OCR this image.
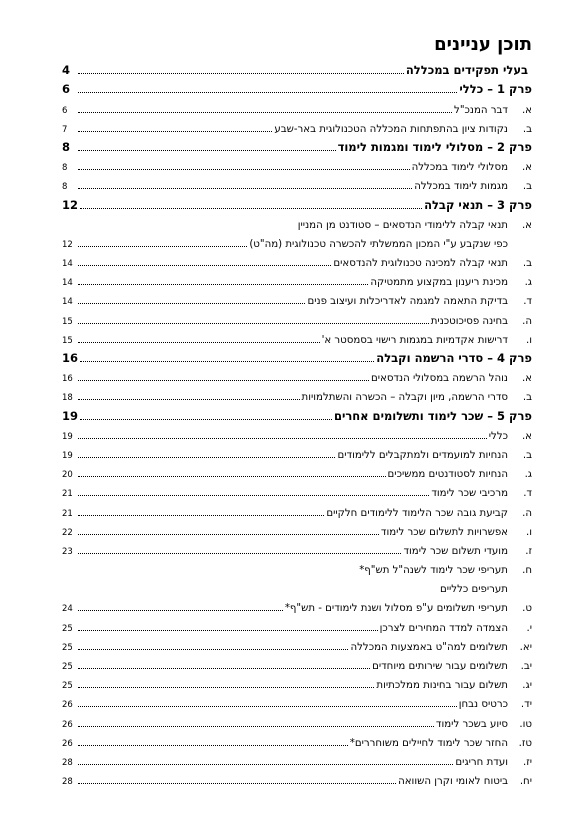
תוכן עניינים
בעלי תפקידים במכללה
4
פרק 1 –
כללי
6
א.
דבר המנכ"ל
6
ב.
נקודות ציון בהתפתחות המכללה הטכנולוגית באר-שבע
7
פרק 2 –
מסלולי לימוד ומגמות לימוד
8
א.
מסלולי לימוד במכללה
8
ב.
מגמות לימוד במכללה
8
פרק 3 –
תנאי קבלה
12
א.
תנאי קבלה ללימודי הנדסאים – סטודנט מן המניין
כפי שנקבע ע"י המכון הממשלתי להכשרה טכנולוגית (מה"ט)
12
ב.
תנאי קבלה למכינה טכנולוגית להנדסאים
14
ג.
מכינת ריענון במקצוע מתמטיקה
14
ד.
בדיקת התאמה למגמה לאדריכלות ועיצוב פנים
14
ה.
בחינה פסיכוטכנית
15
ו.
דרישות אקדמיות במגמות רישוי בסמסטר א'
15
פרק 4 –
סדרי הרשמה וקבלה
16
א.
נוהל הרשמה במסלולי הנדסאים
16
ב.
סדרי הרשמה, מיון וקבלה – הכשרה והשתלמויות
18
פרק 5 –
שכר לימוד ותשלומים אחרים
19
א.
כללי
19
ב.
הנחיות למועמדים ולמתקבלים ללימודים
19
ג.
הנחיות לסטודנטים ממשיכים
20
ד.
מרכיבי שכר לימוד
21
ה.
קביעת גובה שכר הלימוד ללימודים חלקיים
21
ו.
אפשרויות לתשלום שכר לימוד
22
ז.
מועדי תשלום שכר לימוד
23
ח.
תעריפי שכר לימוד לשנה"ל תש"ף*
תעריפים כלליים
ט.
תעריפי תשלומים ע"פ מסלול ושנת לימודים - תש"ף*
24
י.
הצמדה למדד המחירים לצרכן
25
יא.
תשלומים למה"ט באמצעות המכללה
25
יב.
תשלומים עבור שירותים מיוחדים
25
יג.
תשלום עבור בחינות ממלכתיות
25
יד.
כרטיס נבחן
26
טו.
סיוע בשכר לימוד
26
טז.
החזר שכר לימוד לחיילים משוחררים*
26
יז.
ועדת חריגים
28
יח.
ביטוח לאומי וקרן השוואה
28
